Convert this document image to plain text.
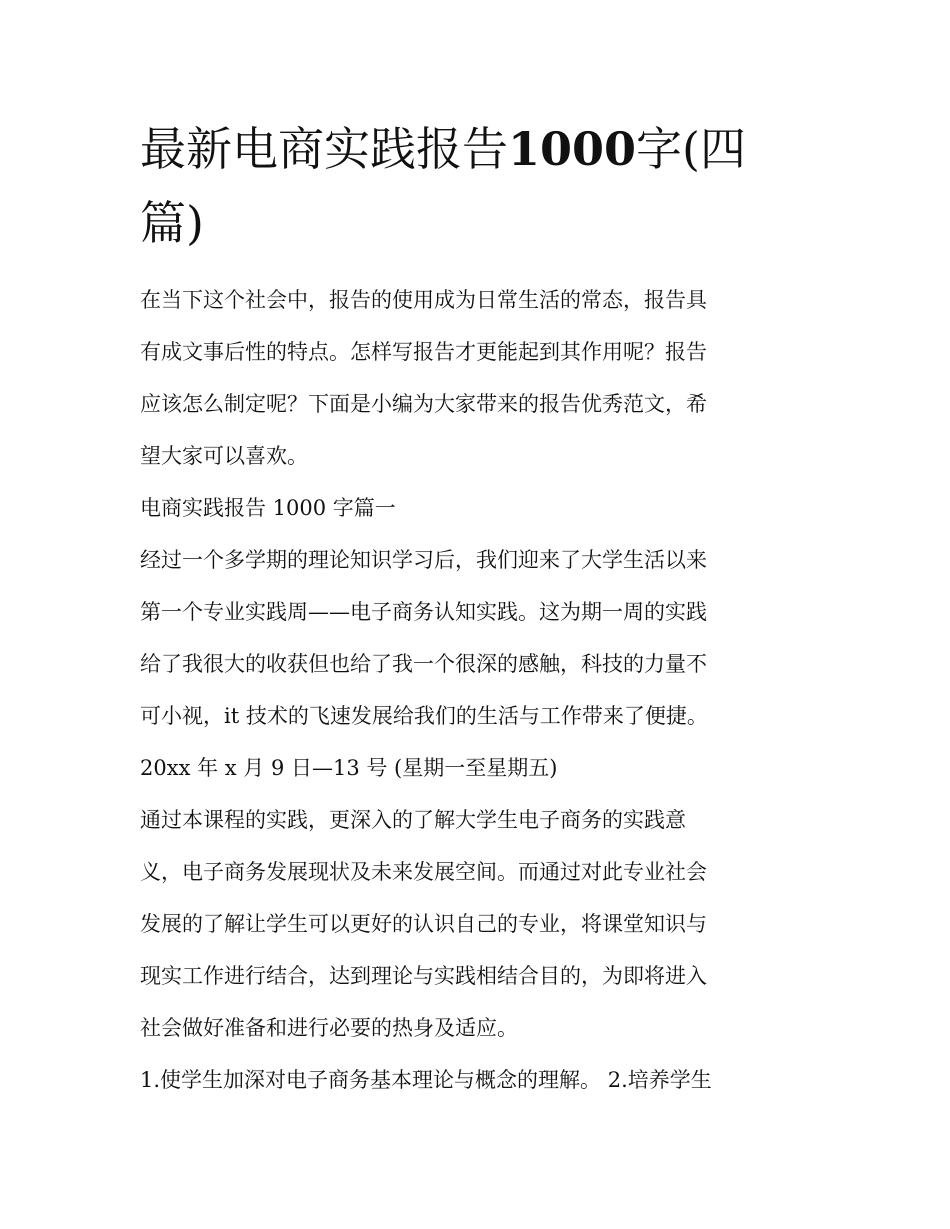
最新电商实践报告1000字(四
篇)
在当下这个社会中，报告的使用成为日常生活的常态，报告具
有成文事后性的特点。怎样写报告才更能起到其作用呢？报告
应该怎么制定呢？下面是小编为大家带来的报告优秀范文，希
望大家可以喜欢。
电商实践报告 1000 字篇一
经过一个多学期的理论知识学习后，我们迎来了大学生活以来
第一个专业实践周——电子商务认知实践。这为期一周的实践
给了我很大的收获但也给了我一个很深的感触，科技的力量不
可小视，it 技术的飞速发展给我们的生活与工作带来了便捷。
20xx 年 x 月 9 日—13 号 (星期一至星期五)
通过本课程的实践，更深入的了解大学生电子商务的实践意
义，电子商务发展现状及未来发展空间。而通过对此专业社会
发展的了解让学生可以更好的认识自己的专业，将课堂知识与
现实工作进行结合，达到理论与实践相结合目的，为即将进入
社会做好准备和进行必要的热身及适应。
1.使学生加深对电子商务基本理论与概念的理解。 2.培养学生
